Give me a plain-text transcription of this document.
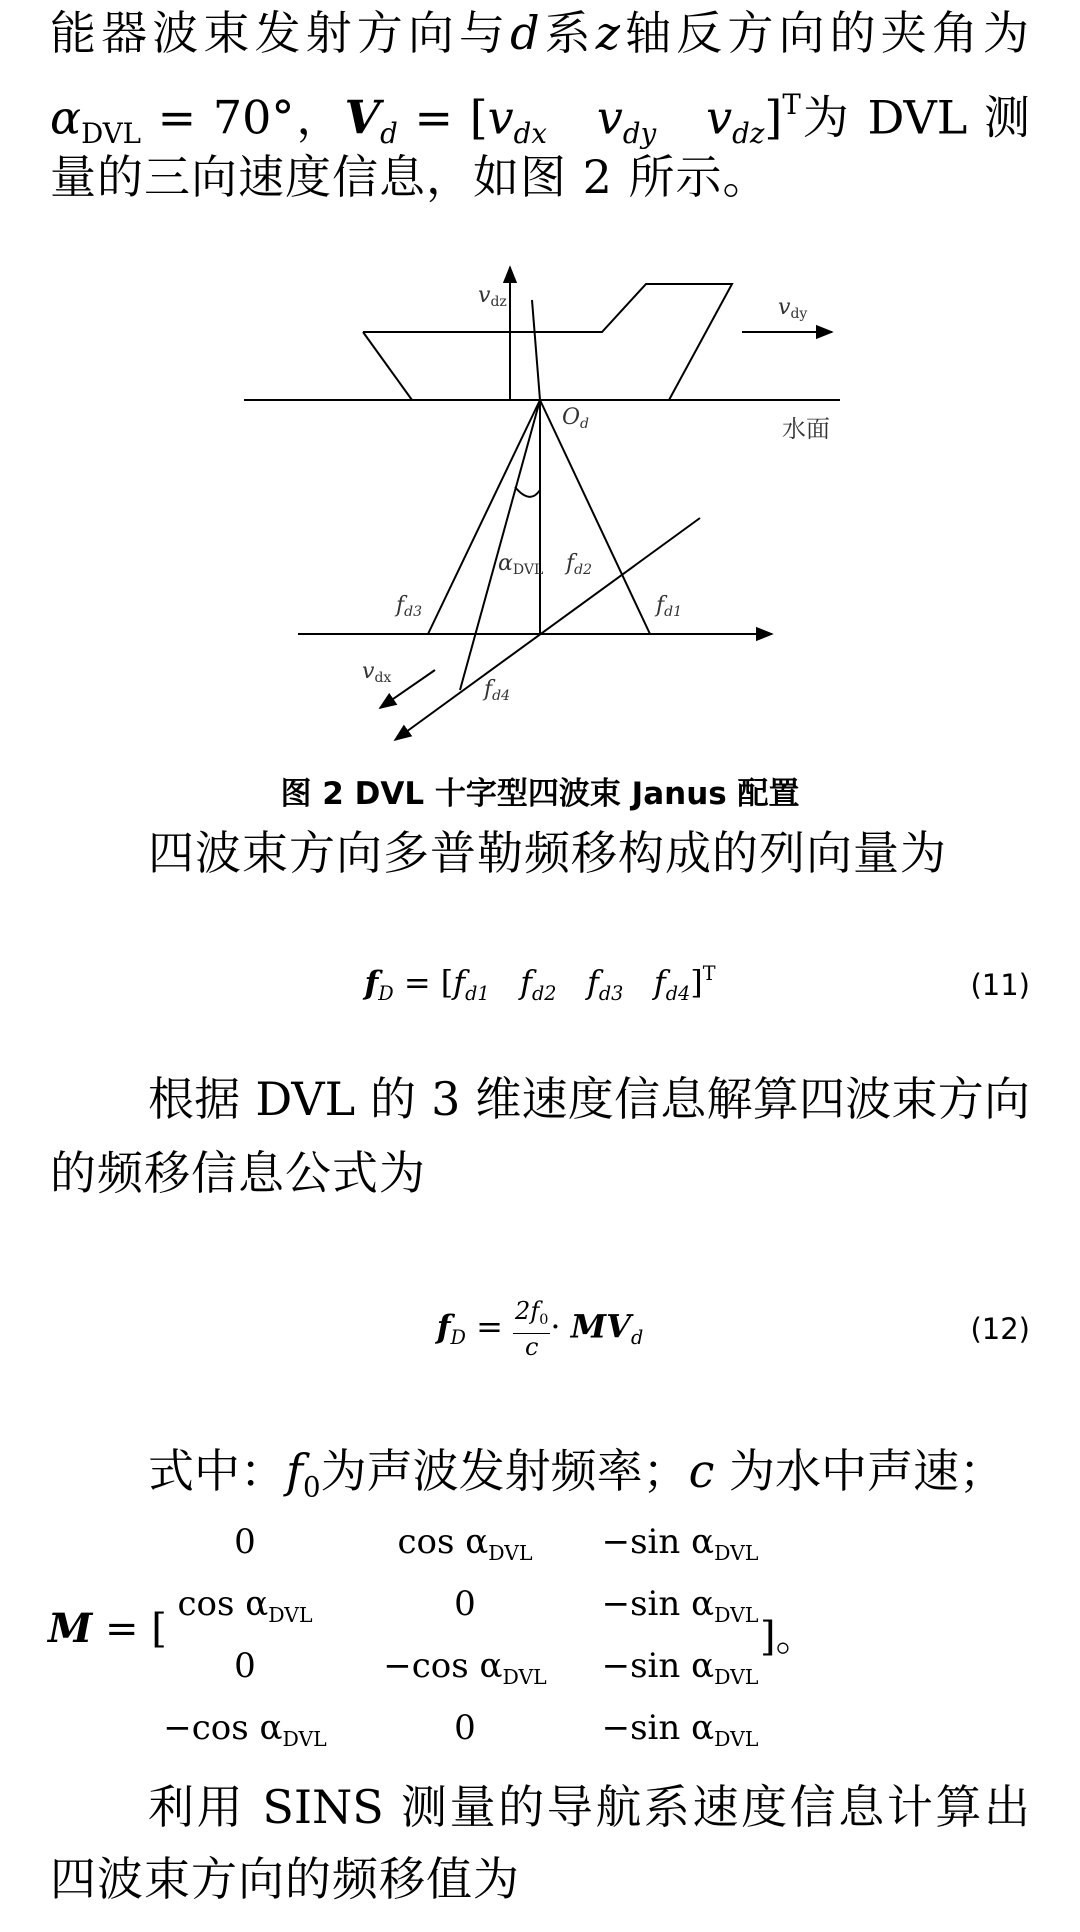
能器波束发射方向与d系z轴反方向的夹角为
$\alpha_{DVL} = 70^\circ$，$V_d = [v_{dx}$ $v_{dy}$ $v_{dz}]^T$为 DVL 测
量的三向速度信息，如图 2 所示。
vdz	vdy
vdx
Od
αDVL fd2
fd3	fd1
fd4
水面
图 2 DVL 十字型四波束 Janus 配置
四波束方向多普勒频移构成的列向量为
$f_D = [f_{d1}$ $f_{d2}$ $f_{d3}$ $f_{d4}]^T$	(11)
根据 DVL 的 3 维速度信息解算四波束方向
的频移信息公式为
$f_D = \frac{2f_0}{c} \cdot MV_d$	(12)
式中：$f_0$为声波发射频率；c 为水中声速；
M = [	]。
0	$\cos \alpha_{DVL}$	−sin $\alpha_{DVL}$
$\cos \alpha_{DVL}$	0	−sin $\alpha_{DVL}$
0	−cos $\alpha_{DVL}$	−sin $\alpha_{DVL}$
−cos $\alpha_{DVL}$	0	−sin $\alpha_{DVL}$
利用 SINS 测量的导航系速度信息计算出
四波束方向的频移值为
